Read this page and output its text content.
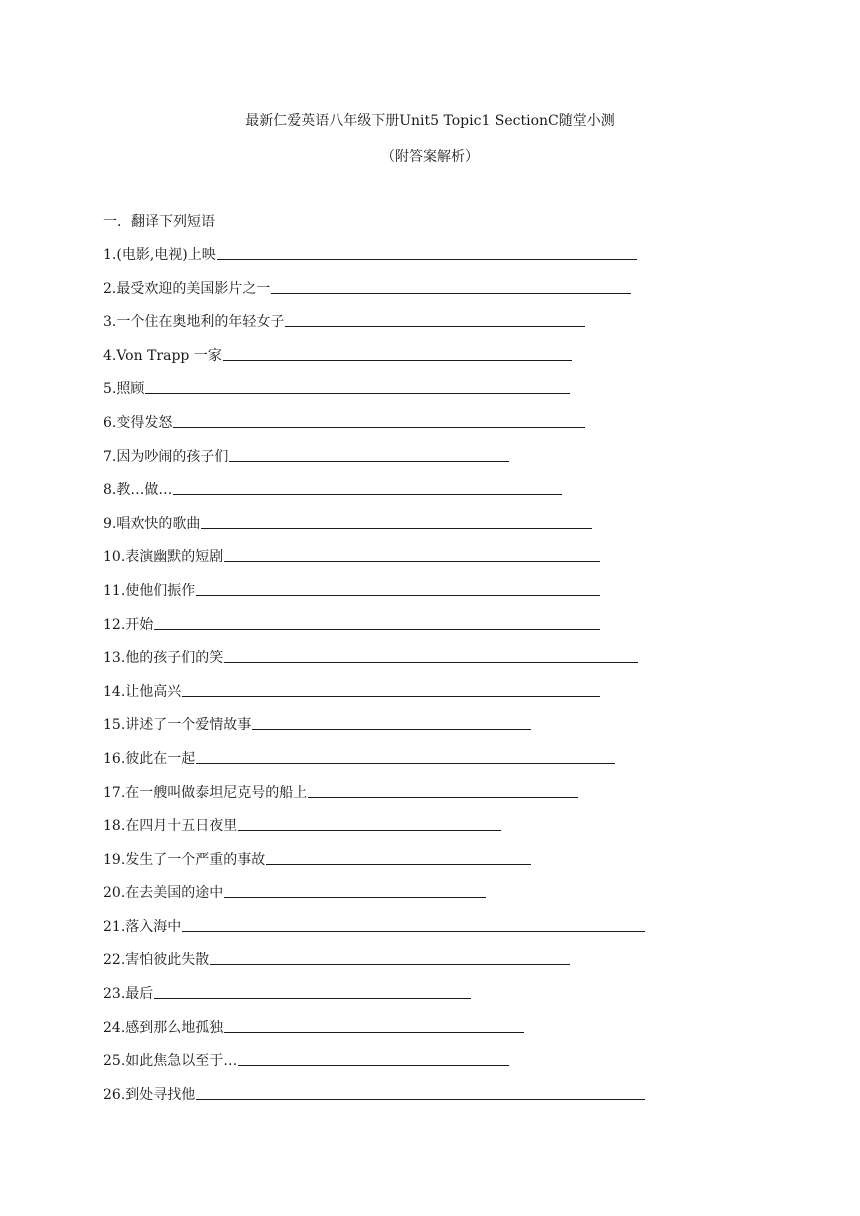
最新仁爱英语八年级下册Unit5 Topic1 SectionC随堂小测
（附答案解析）
一．翻译下列短语
1.(电影,电视)上映
2.最受欢迎的美国影片之一
3.一个住在奥地利的年轻女子
4.Von Trapp 一家
5.照顾
6.变得发怒
7.因为吵闹的孩子们
8.教…做…
9.唱欢快的歌曲
10.表演幽默的短剧
11.使他们振作
12.开始
13.他的孩子们的笑
14.让他高兴
15.讲述了一个爱情故事
16.彼此在一起
17.在一艘叫做泰坦尼克号的船上
18.在四月十五日夜里
19.发生了一个严重的事故
20.在去美国的途中
21.落入海中
22.害怕彼此失散
23.最后
24.感到那么地孤独
25.如此焦急以至于…
26.到处寻找他
